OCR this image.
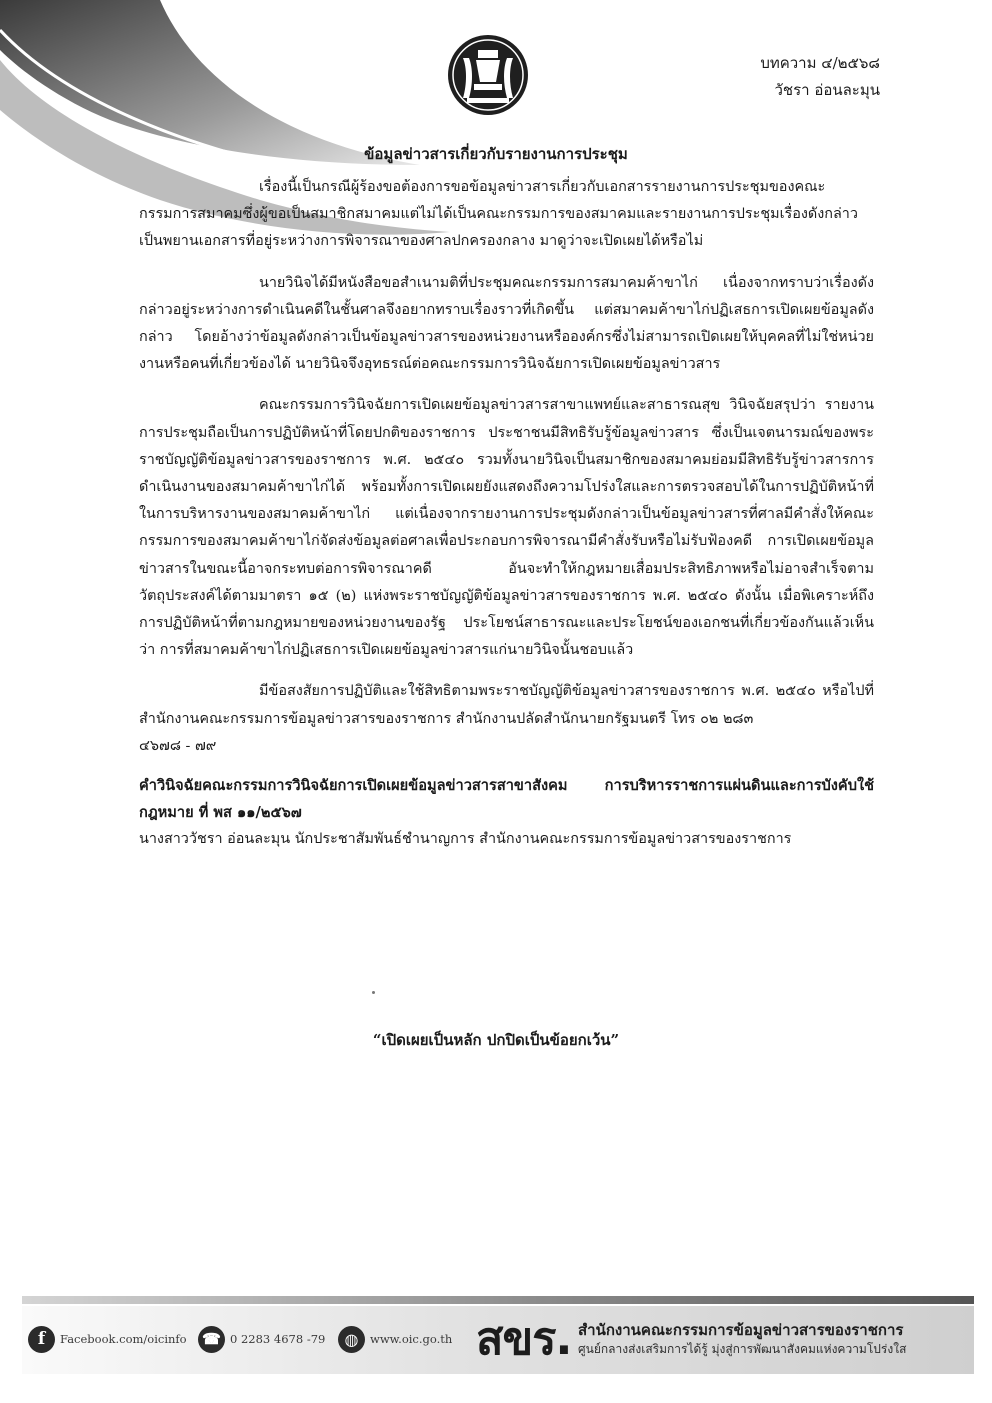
บทความ ๔/๒๕๖๘
วัชรา อ่อนละมุน
ข้อมูลข่าวสารเกี่ยวกับรายงานการประชุม

เรื่องนี้เป็นกรณีผู้ร้องขอต้องการขอข้อมูลข่าวสารเกี่ยวกับเอกสารรายงานการประชุมของคณะกรรมการสมาคมซึ่งผู้ขอเป็นสมาชิกสมาคมแต่ไม่ได้เป็นคณะกรรมการของสมาคมและรายงานการประชุมเรื่องดังกล่าวเป็นพยานเอกสารที่อยู่ระหว่างการพิจารณาของศาลปกครองกลาง มาดูว่าจะเปิดเผยได้หรือไม่

นายวินิจได้มีหนังสือขอสำเนามติที่ประชุมคณะกรรมการสมาคมค้าขาไก่ เนื่องจากทราบว่าเรื่องดังกล่าวอยู่ระหว่างการดำเนินคดีในชั้นศาลจึงอยากทราบเรื่องราวที่เกิดขึ้น แต่สมาคมค้าขาไก่ปฏิเสธการเปิดเผยข้อมูลดังกล่าว โดยอ้างว่าข้อมูลดังกล่าวเป็นข้อมูลข่าวสารของหน่วยงานหรือองค์กรซึ่งไม่สามารถเปิดเผยให้บุคคลที่ไม่ใช่หน่วยงานหรือคนที่เกี่ยวข้องได้ นายวินิจจึงอุทธรณ์ต่อคณะกรรมการวินิจฉัยการเปิดเผยข้อมูลข่าวสาร

คณะกรรมการวินิจฉัยการเปิดเผยข้อมูลข่าวสารสาขาแพทย์และสาธารณสุข วินิจฉัยสรุปว่า รายงานการประชุมถือเป็นการปฏิบัติหน้าที่โดยปกติของราชการ ประชาชนมีสิทธิรับรู้ข้อมูลข่าวสาร ซึ่งเป็นเจตนารมณ์ของพระราชบัญญัติข้อมูลข่าวสารของราชการ พ.ศ. ๒๕๔๐ รวมทั้งนายวินิจเป็นสมาชิกของสมาคมย่อมมีสิทธิรับรู้ข่าวสารการดำเนินงานของสมาคมค้าขาไก่ได้ พร้อมทั้งการเปิดเผยยังแสดงถึงความโปร่งใสและการตรวจสอบได้ในการปฏิบัติหน้าที่ในการบริหารงานของสมาคมค้าขาไก่ แต่เนื่องจากรายงานการประชุมดังกล่าวเป็นข้อมูลข่าวสารที่ศาลมีคำสั่งให้คณะกรรมการของสมาคมค้าขาไก่จัดส่งข้อมูลต่อศาลเพื่อประกอบการพิจารณามีคำสั่งรับหรือไม่รับฟ้องคดี การเปิดเผยข้อมูลข่าวสารในขณะนี้อาจกระทบต่อการพิจารณาคดี อันจะทำให้กฎหมายเสื่อมประสิทธิภาพหรือไม่อาจสำเร็จตามวัตถุประสงค์ได้ตามมาตรา ๑๕ (๒) แห่งพระราชบัญญัติข้อมูลข่าวสารของราชการ พ.ศ. ๒๕๔๐ ดังนั้น เมื่อพิเคราะห์ถึงการปฏิบัติหน้าที่ตามกฎหมายของหน่วยงานของรัฐ ประโยชน์สาธารณะและประโยชน์ของเอกชนที่เกี่ยวข้องกันแล้วเห็นว่า การที่สมาคมค้าขาไก่ปฏิเสธการเปิดเผยข้อมูลข่าวสารแก่นายวินิจนั้นชอบแล้ว

มีข้อสงสัยการปฏิบัติและใช้สิทธิตามพระราชบัญญัติข้อมูลข่าวสารของราชการ พ.ศ. ๒๕๔๐ หรือไปที่สำนักงานคณะกรรมการข้อมูลข่าวสารของราชการ สำนักงานปลัดสำนักนายกรัฐมนตรี โทร ๐๒ ๒๘๓

๔๖๗๘ - ๗๙

คำวินิจฉัยคณะกรรมการวินิจฉัยการเปิดเผยข้อมูลข่าวสารสาขาสังคม การบริหารราชการแผ่นดินและการบังคับใช้กฎหมาย ที่ พส ๑๑/๒๕๖๗

นางสาววัชรา อ่อนละมุน นักประชาสัมพันธ์ชำนาญการ สำนักงานคณะกรรมการข้อมูลข่าวสารของราชการ

“เปิดเผยเป็นหลัก ปกปิดเป็นข้อยกเว้น”
f	Facebook.com/oicinfo ☎ 0 2283 4678 -79	◍	www.oic.go.th สขร. สำนักงานคณะกรรมการข้อมูลข่าวสารของราชการ
ศูนย์กลางส่งเสริมการได้รู้ มุ่งสู่การพัฒนาสังคมแห่งความโปร่งใส
